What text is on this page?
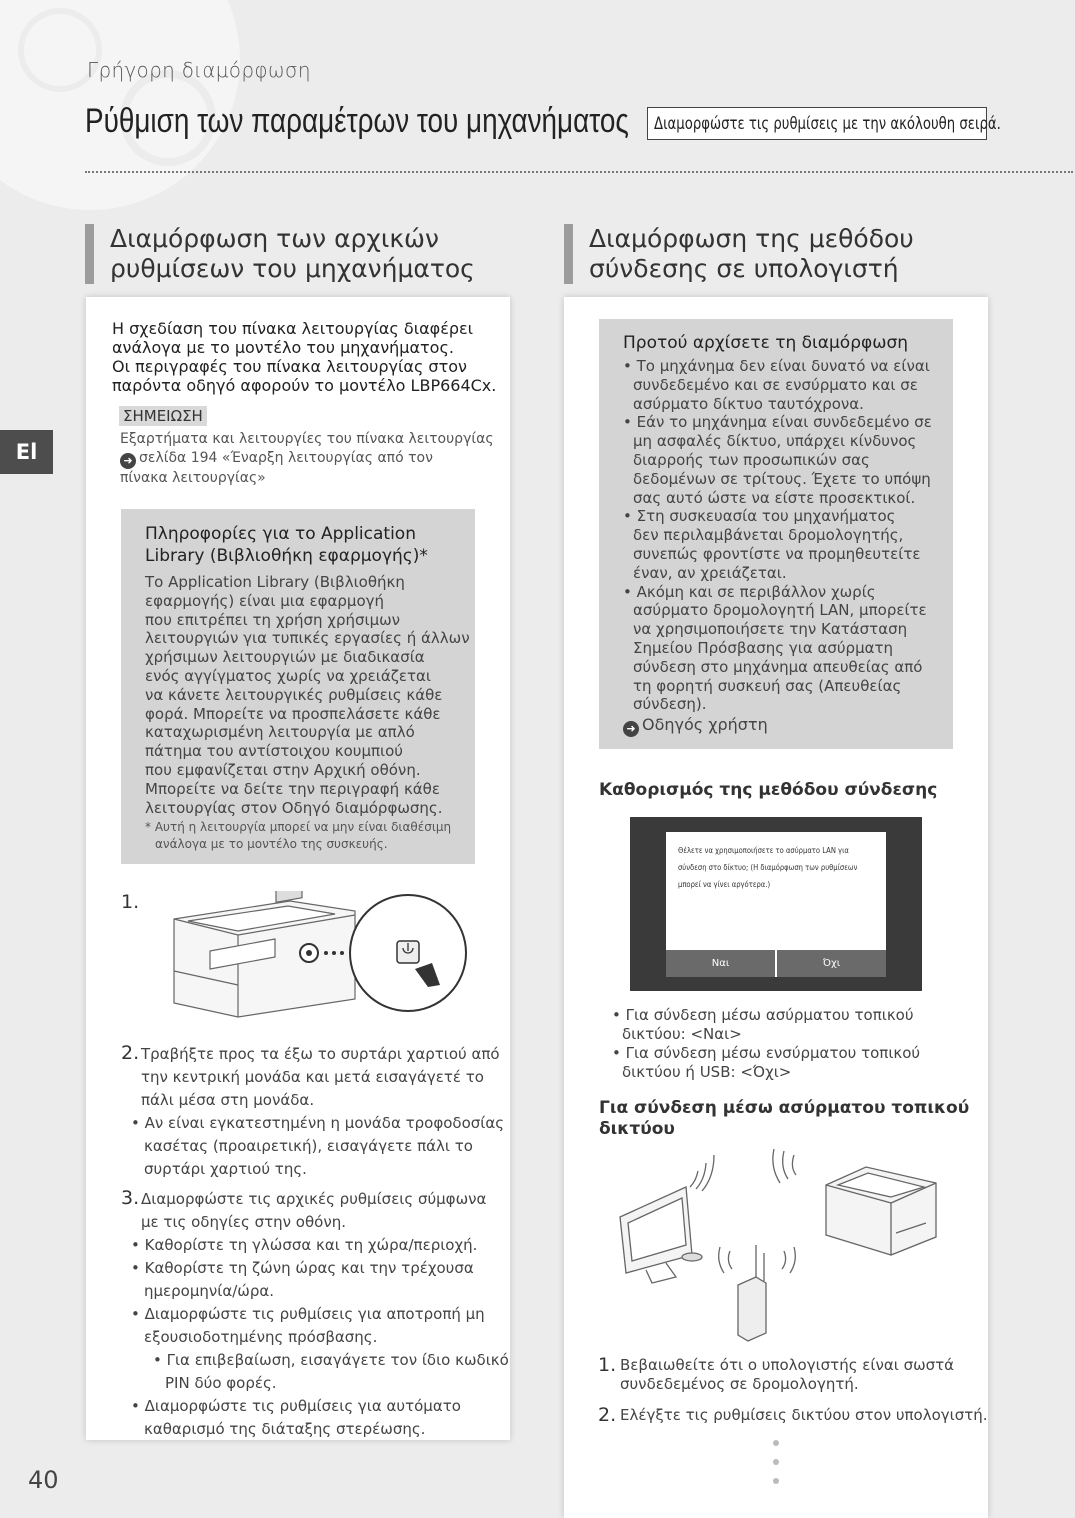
Γρήγορη διαμόρφωση
Ρύθμιση των παραμέτρων του μηχανήματος Διαμορφώστε τις ρυθμίσεις με την ακόλουθη σειρά.
El
Διαμόρφωση των αρχικών
ρυθμίσεων του μηχανήματος
Διαμόρφωση της μεθόδου
σύνδεσης σε υπολογιστή
Η σχεδίαση του πίνακα λειτουργίας διαφέρει
ανάλογα με το μοντέλο του μηχανήματος.
Οι περιγραφές του πίνακα λειτουργίας στον
παρόντα οδηγό αφορούν το μοντέλο LBP664Cx.
ΣΗΜΕΙΩΣΗ
Εξαρτήματα και λειτουργίες του πίνακα λειτουργίας
➜ σελίδα 194 «Έναρξη λειτουργίας από τον
πίνακα λειτουργίας»
Πληροφορίες για το Application
Library (Βιβλιοθήκη εφαρμογής)*
Το Application Library (Βιβλιοθήκη
εφαρμογής) είναι μια εφαρμογή
που επιτρέπει τη χρήση χρήσιμων
λειτουργιών για τυπικές εργασίες ή άλλων
χρήσιμων λειτουργιών με διαδικασία
ενός αγγίγματος χωρίς να χρειάζεται
να κάνετε λειτουργικές ρυθμίσεις κάθε
φορά. Μπορείτε να προσπελάσετε κάθε
καταχωρισμένη λειτουργία με απλό
πάτημα του αντίστοιχου κουμπιού
που εμφανίζεται στην Αρχική οθόνη.
Μπορείτε να δείτε την περιγραφή κάθε
λειτουργίας στον Οδηγό διαμόρφωσης.
* Αυτή η λειτουργία μπορεί να μην είναι διαθέσιμη
ανάλογα με το μοντέλο της συσκευής.
1.
2. Τραβήξτε προς τα έξω το συρτάρι χαρτιού από
την κεντρική μονάδα και μετά εισαγάγετέ το
πάλι μέσα στη μονάδα.
• Αν είναι εγκατεστημένη η μονάδα τροφοδοσίας
κασέτας (προαιρετική), εισαγάγετε πάλι το
συρτάρι χαρτιού της.
3. Διαμορφώστε τις αρχικές ρυθμίσεις σύμφωνα
με τις οδηγίες στην οθόνη.
• Καθορίστε τη γλώσσα και τη χώρα/περιοχή.
• Καθορίστε τη ζώνη ώρας και την τρέχουσα
ημερομηνία/ώρα.
• Διαμορφώστε τις ρυθμίσεις για αποτροπή μη
εξουσιοδοτημένης πρόσβασης.
• Για επιβεβαίωση, εισαγάγετε τον ίδιο κωδικό
PIN δύο φορές.
• Διαμορφώστε τις ρυθμίσεις για αυτόματο
καθαρισμό της διάταξης στερέωσης.
Προτού αρχίσετε τη διαμόρφωση
• Το μηχάνημα δεν είναι δυνατό να είναι
συνδεδεμένο και σε ενσύρματο και σε
ασύρματο δίκτυο ταυτόχρονα.
• Εάν το μηχάνημα είναι συνδεδεμένο σε
μη ασφαλές δίκτυο, υπάρχει κίνδυνος
διαρροής των προσωπικών σας
δεδομένων σε τρίτους. Έχετε το υπόψη
σας αυτό ώστε να είστε προσεκτικοί.
• Στη συσκευασία του μηχανήματος
δεν περιλαμβάνεται δρομολογητής,
συνεπώς φροντίστε να προμηθευτείτε
έναν, αν χρειάζεται.
• Ακόμη και σε περιβάλλον χωρίς
ασύρματο δρομολογητή LAN, μπορείτε
να χρησιμοποιήσετε την Κατάσταση
Σημείου Πρόσβασης για ασύρματη
σύνδεση στο μηχάνημα απευθείας από
τη φορητή συσκευή σας (Απευθείας
σύνδεση).
➜ Οδηγός χρήστη
Καθορισμός της μεθόδου σύνδεσης
Θέλετε να χρησιμοποιήσετε το ασύρματο LAN για
σύνδεση στο δίκτυο; (Η διαμόρφωση των ρυθμίσεων
μπορεί να γίνει αργότερα.)
Ναι	Όχι
• Για σύνδεση μέσω ασύρματου τοπικού
δικτύου: <Ναι>
• Για σύνδεση μέσω ενσύρματου τοπικού
δικτύου ή USB: <Όχι>
Για σύνδεση μέσω ασύρματου τοπικού
δικτύου
1. Βεβαιωθείτε ότι ο υπολογιστής είναι σωστά
συνδεδεμένος σε δρομολογητή.
2. Ελέγξτε τις ρυθμίσεις δικτύου στον υπολογιστή.
40
